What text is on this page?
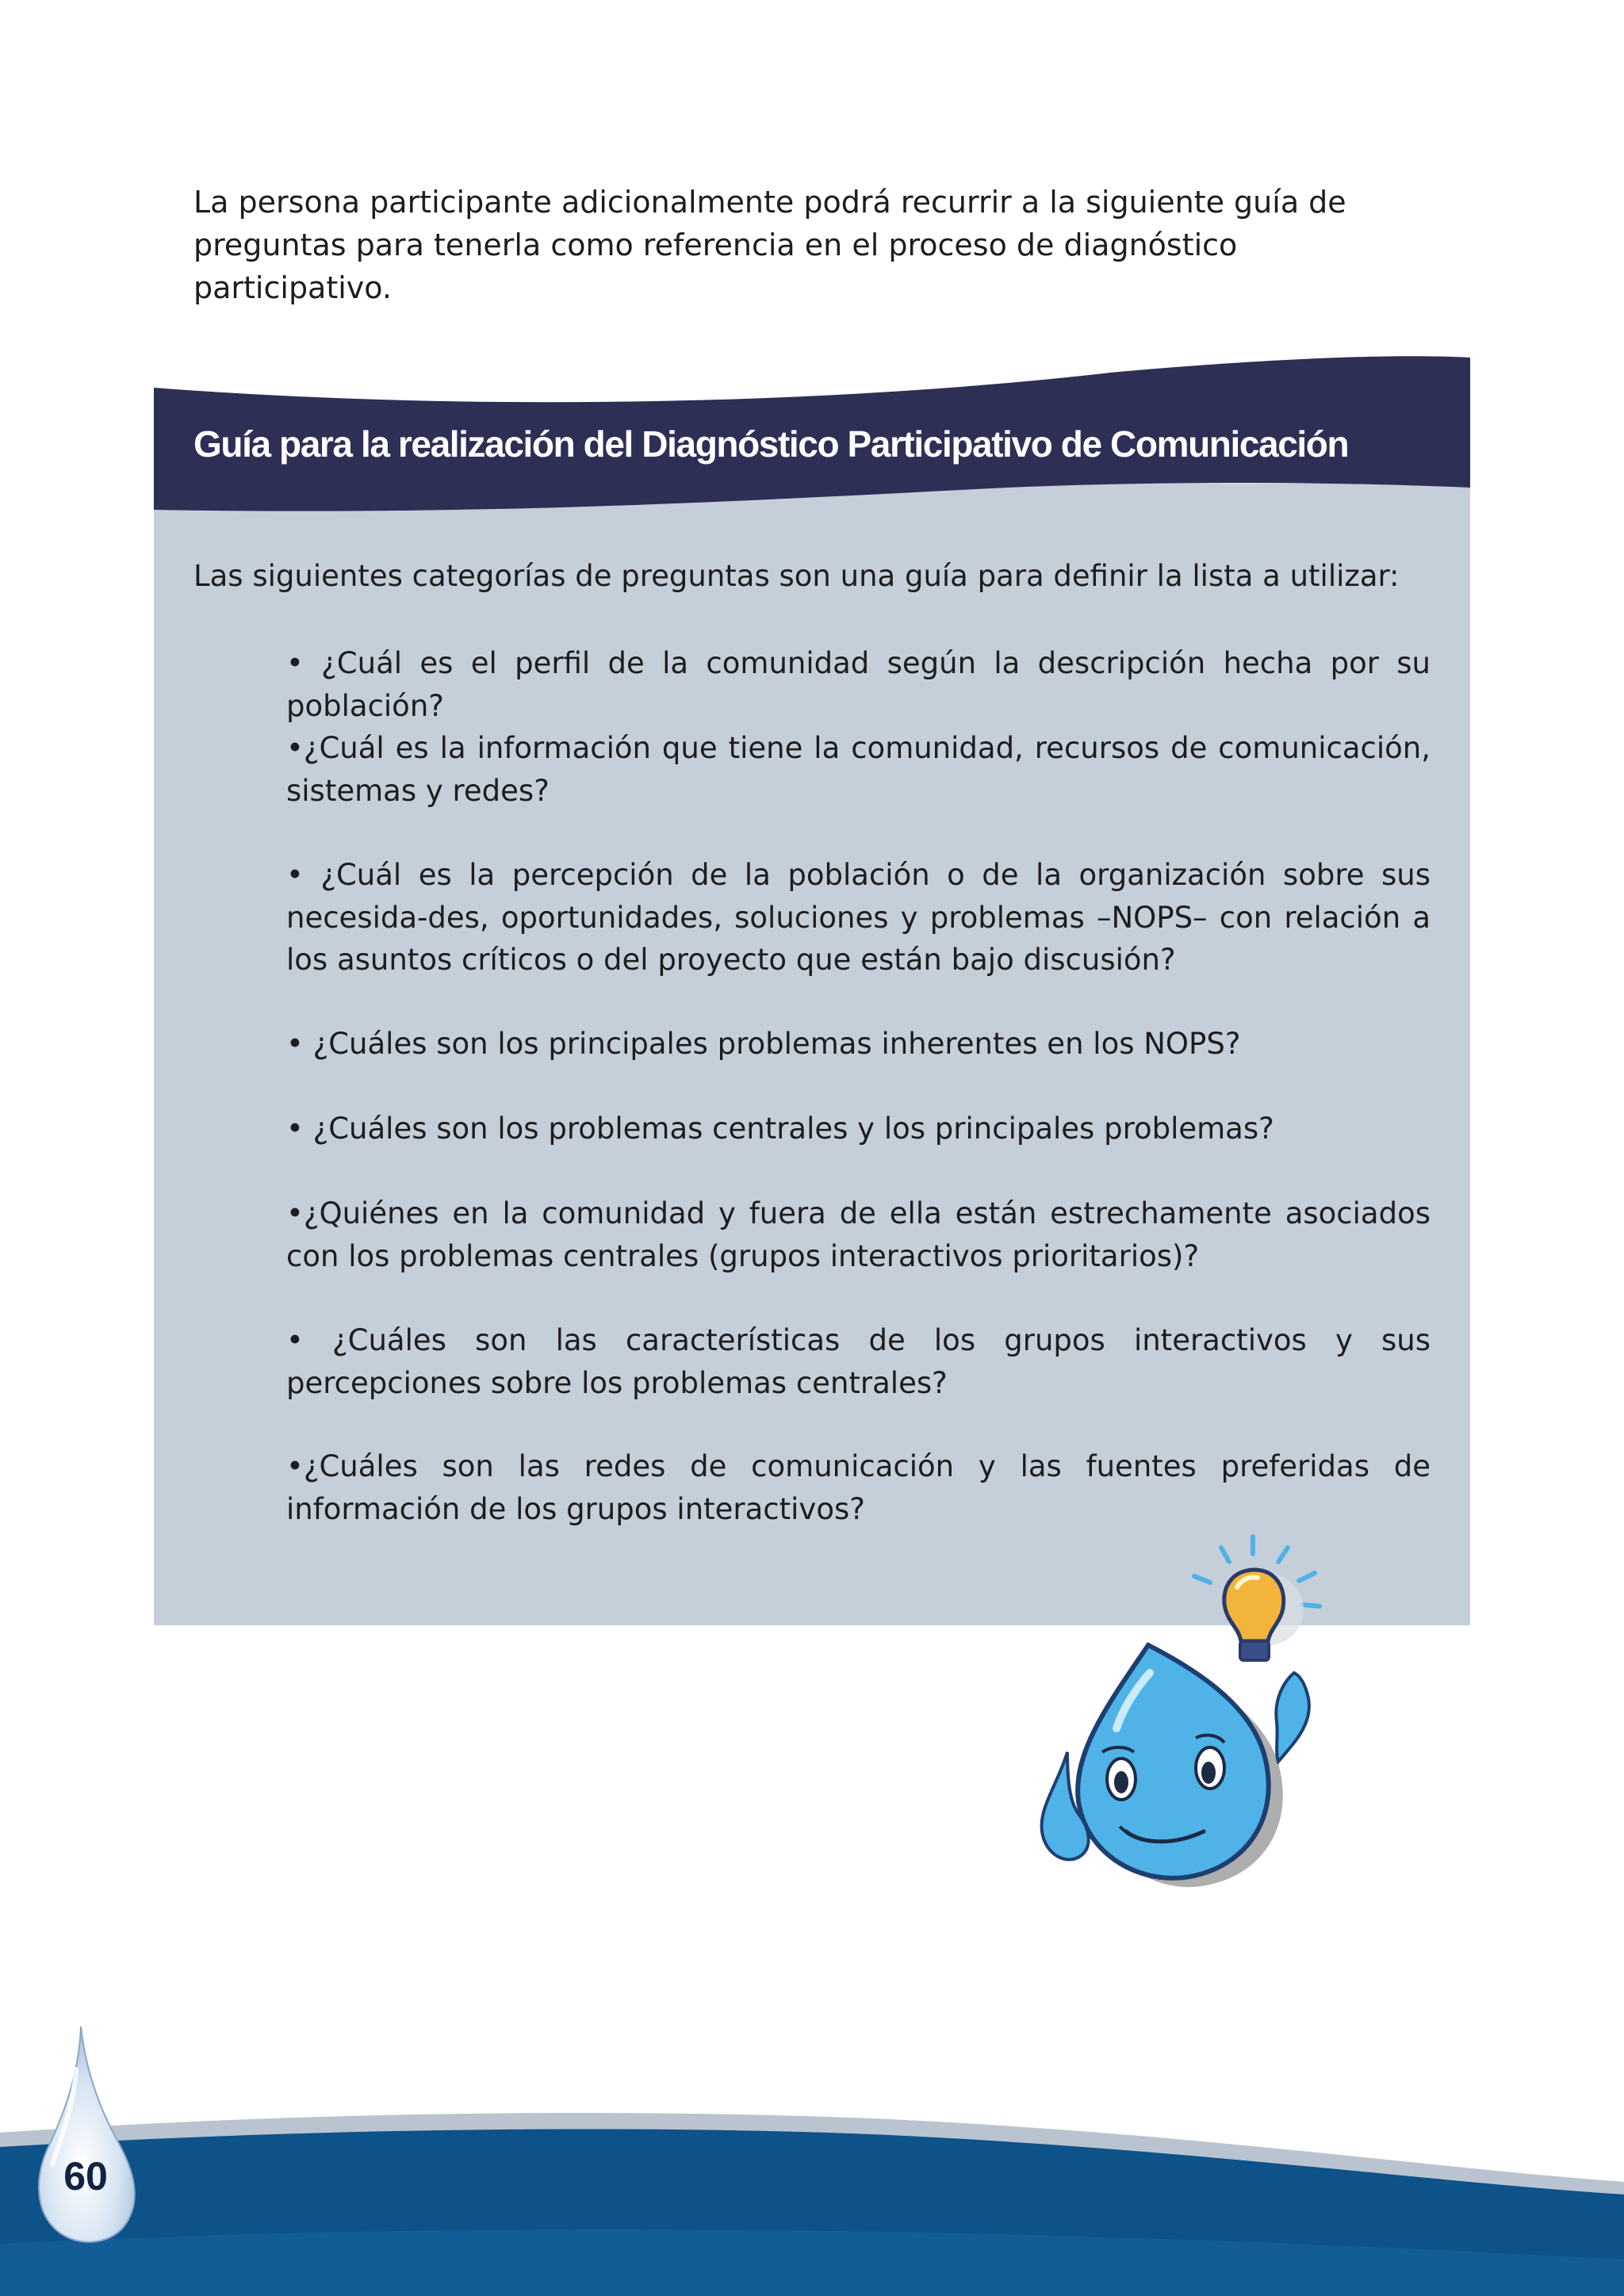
La persona participante adicionalmente podrá recurrir a la siguiente guía de preguntas para tenerla como referencia en el proceso de diagnóstico participativo.

Guía para la realización del Diagnóstico Participativo de Comunicación

Las siguientes categorías de preguntas son una guía para definir la lista a utilizar:

• ¿Cuál es el perfil de la comunidad según la descripción hecha por su población?

•¿Cuál es la información que tiene la comunidad, recursos de comunicación, sistemas y redes?

• ¿Cuál es la percepción de la población o de la organización sobre sus necesida-des, oportunidades, soluciones y problemas –NOPS– con relación a los asuntos críticos o del proyecto que están bajo discusión?

• ¿Cuáles son los principales problemas inherentes en los NOPS?

• ¿Cuáles son los problemas centrales y los principales problemas?

•¿Quiénes en la comunidad y fuera de ella están estrechamente asociados con los problemas centrales (grupos interactivos prioritarios)?

• ¿Cuáles son las características de los grupos interactivos y sus percepciones sobre los problemas centrales?

•¿Cuáles son las redes de comunicación y las fuentes preferidas de información de los grupos interactivos?

60
